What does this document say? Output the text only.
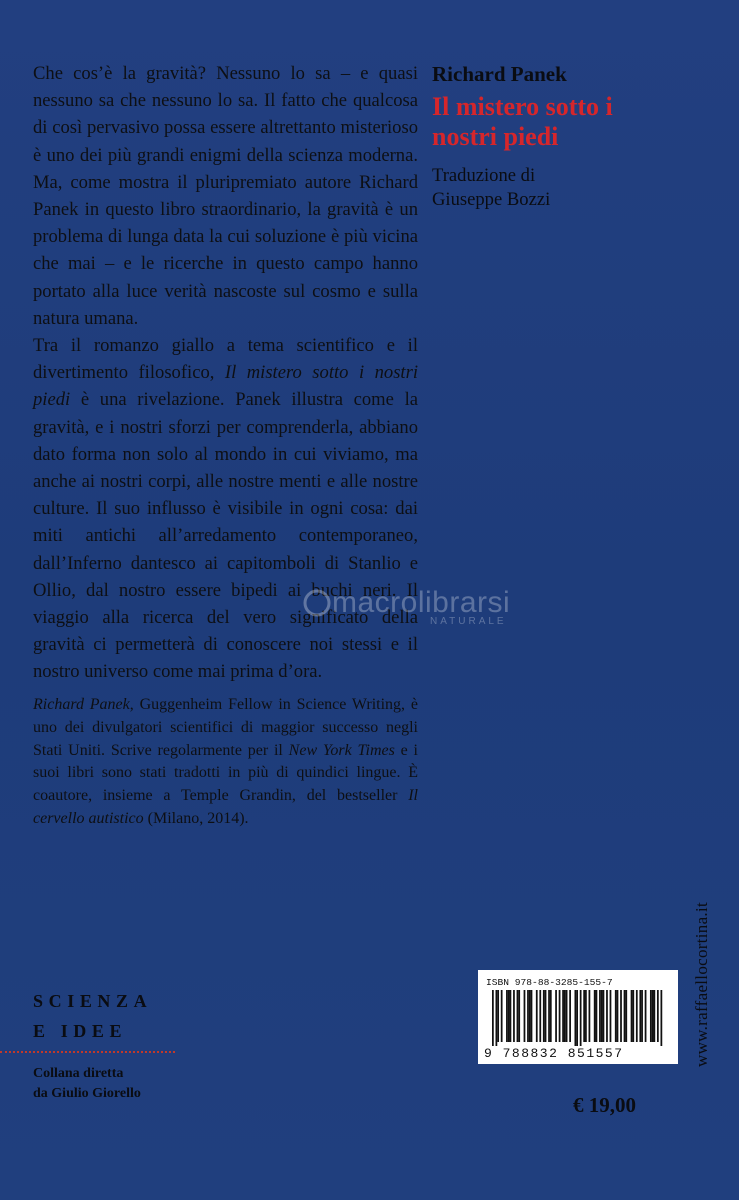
Che cos’è la gravità? Nessuno lo sa – e quasi nessuno sa che nessuno lo sa. Il fatto che qualcosa di così pervasivo possa essere altrettanto misterioso è uno dei più grandi enigmi della scienza moderna. Ma, come mostra il pluripremiato autore Richard Panek in questo libro straordinario, la gravità è un problema di lunga data la cui soluzione è più vicina che mai – e le ricerche in questo campo hanno portato alla luce verità nascoste sul cosmo e sulla natura umana.

Tra il romanzo giallo a tema scientifico e il divertimento filosofico, Il mistero sotto i nostri piedi è una rivelazione. Panek illustra come la gravità, e i nostri sforzi per comprenderla, abbiano dato forma non solo al mondo in cui viviamo, ma anche ai nostri corpi, alle nostre menti e alle nostre culture. Il suo influsso è visibile in ogni cosa: dai miti antichi all’arredamento contemporaneo, dall’Inferno dantesco ai capitomboli di Stanlio e Ollio, dal nostro essere bipedi ai buchi neri. Il viaggio alla ricerca del vero significato della gravità ci permetterà di conoscere noi stessi e il nostro universo come mai prima d’ora.

Richard Panek, Guggenheim Fellow in Science Writing, è uno dei divulgatori scientifici di maggior successo negli Stati Uniti. Scrive regolarmente per il New York Times e i suoi libri sono stati tradotti in più di quindici lingue. È coautore, insieme a Temple Grandin, del bestseller Il cervello autistico (Milano, 2014).

Richard Panek
Il mistero sotto i nostri piedi
Traduzione di
Giuseppe Bozzi
macrolibrarsi
NATURALE
SCIENZA
E IDEE
Collana diretta
da Giulio Giorello
ISBN 978-88-3285-155-7
9 788832 851557	www.raffaellocortina.it
€ 19,00
